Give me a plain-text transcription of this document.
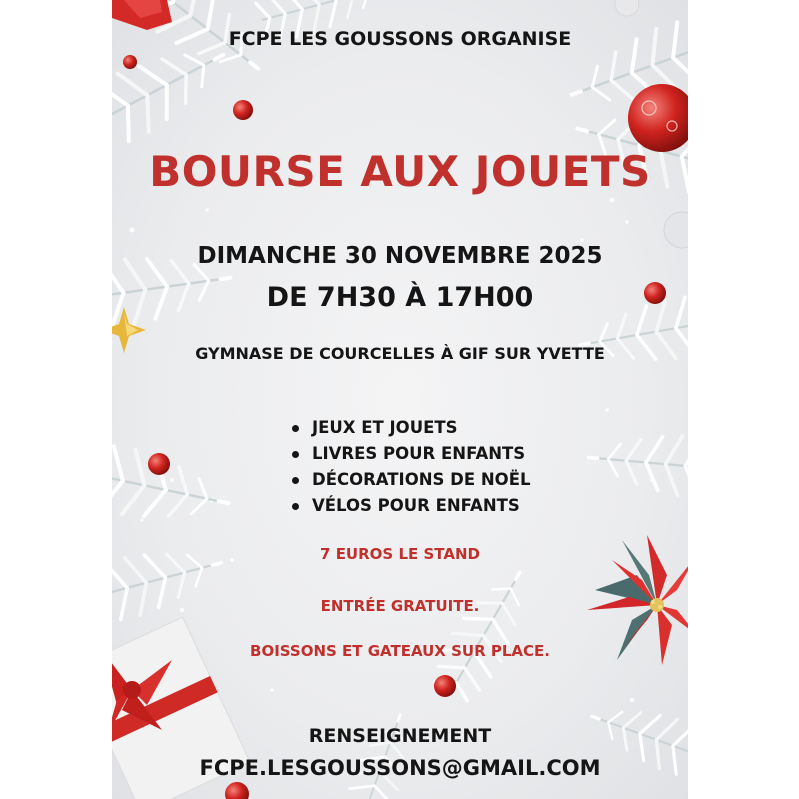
FCPE LES GOUSSONS ORGANISE

BOURSE AUX JOUETS

DIMANCHE 30 NOVEMBRE 2025

DE 7H30 À 17H00

GYMNASE DE COURCELLES À GIF SUR YVETTE

JEUX ET JOUETS
LIVRES POUR ENFANTS
DÉCORATIONS DE NOËL
VÉLOS POUR ENFANTS

7 EUROS LE STAND

ENTRÉE GRATUITE.

BOISSONS ET GATEAUX SUR PLACE.

RENSEIGNEMENT

FCPE.LESGOUSSONS@GMAIL.COM
